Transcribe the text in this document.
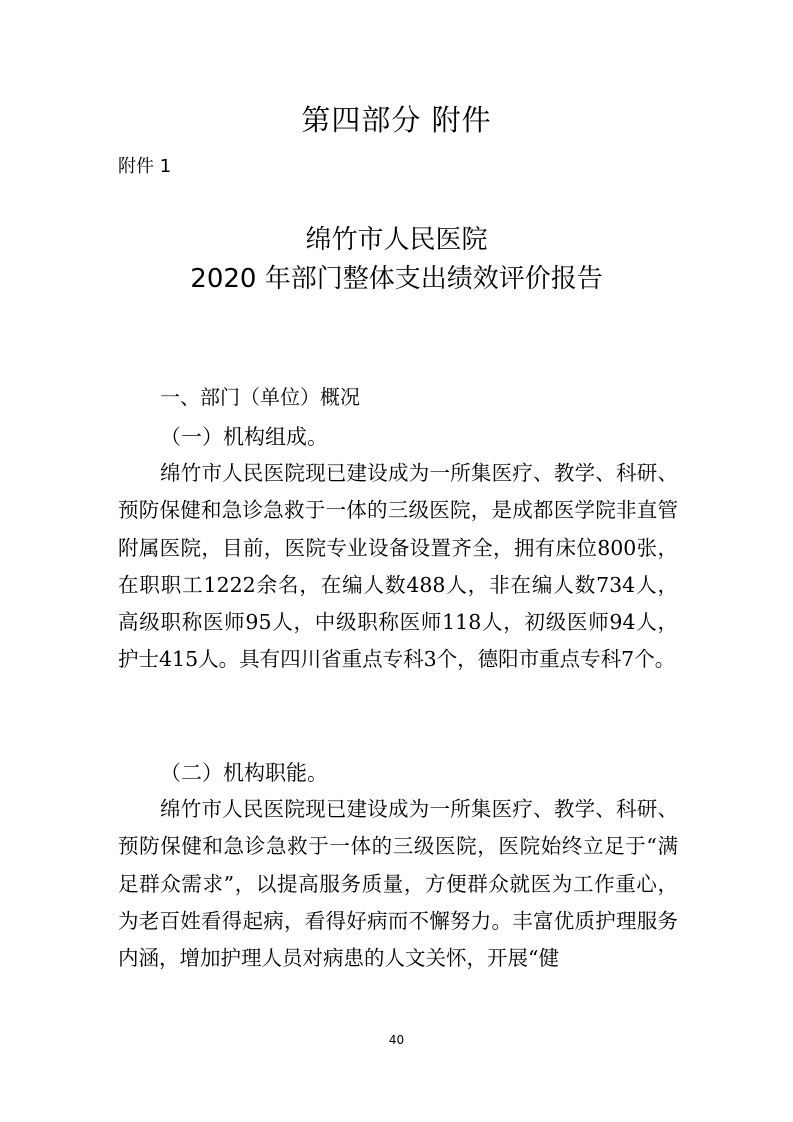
第四部分 附件
附件 1
绵竹市人民医院
2020 年部门整体支出绩效评价报告
一、部门（单位）概况
（一）机构组成。
绵竹市人民医院现已建设成为一所集医疗、教学、科研、预防保健和急诊急救于一体的三级医院，是成都医学院非直管附属医院，目前，医院专业设备设置齐全，拥有床位800张，在职职工1222余名，在编人数488人，非在编人数734人，高级职称医师95人，中级职称医师118人，初级医师94人，护士415人。具有四川省重点专科3个，德阳市重点专科7个。
（二）机构职能。
绵竹市人民医院现已建设成为一所集医疗、教学、科研、预防保健和急诊急救于一体的三级医院，医院始终立足于“满足群众需求”，以提高服务质量，方便群众就医为工作重心，为老百姓看得起病，看得好病而不懈努力。丰富优质护理服务内涵，增加护理人员对病患的人文关怀，开展“健
40
